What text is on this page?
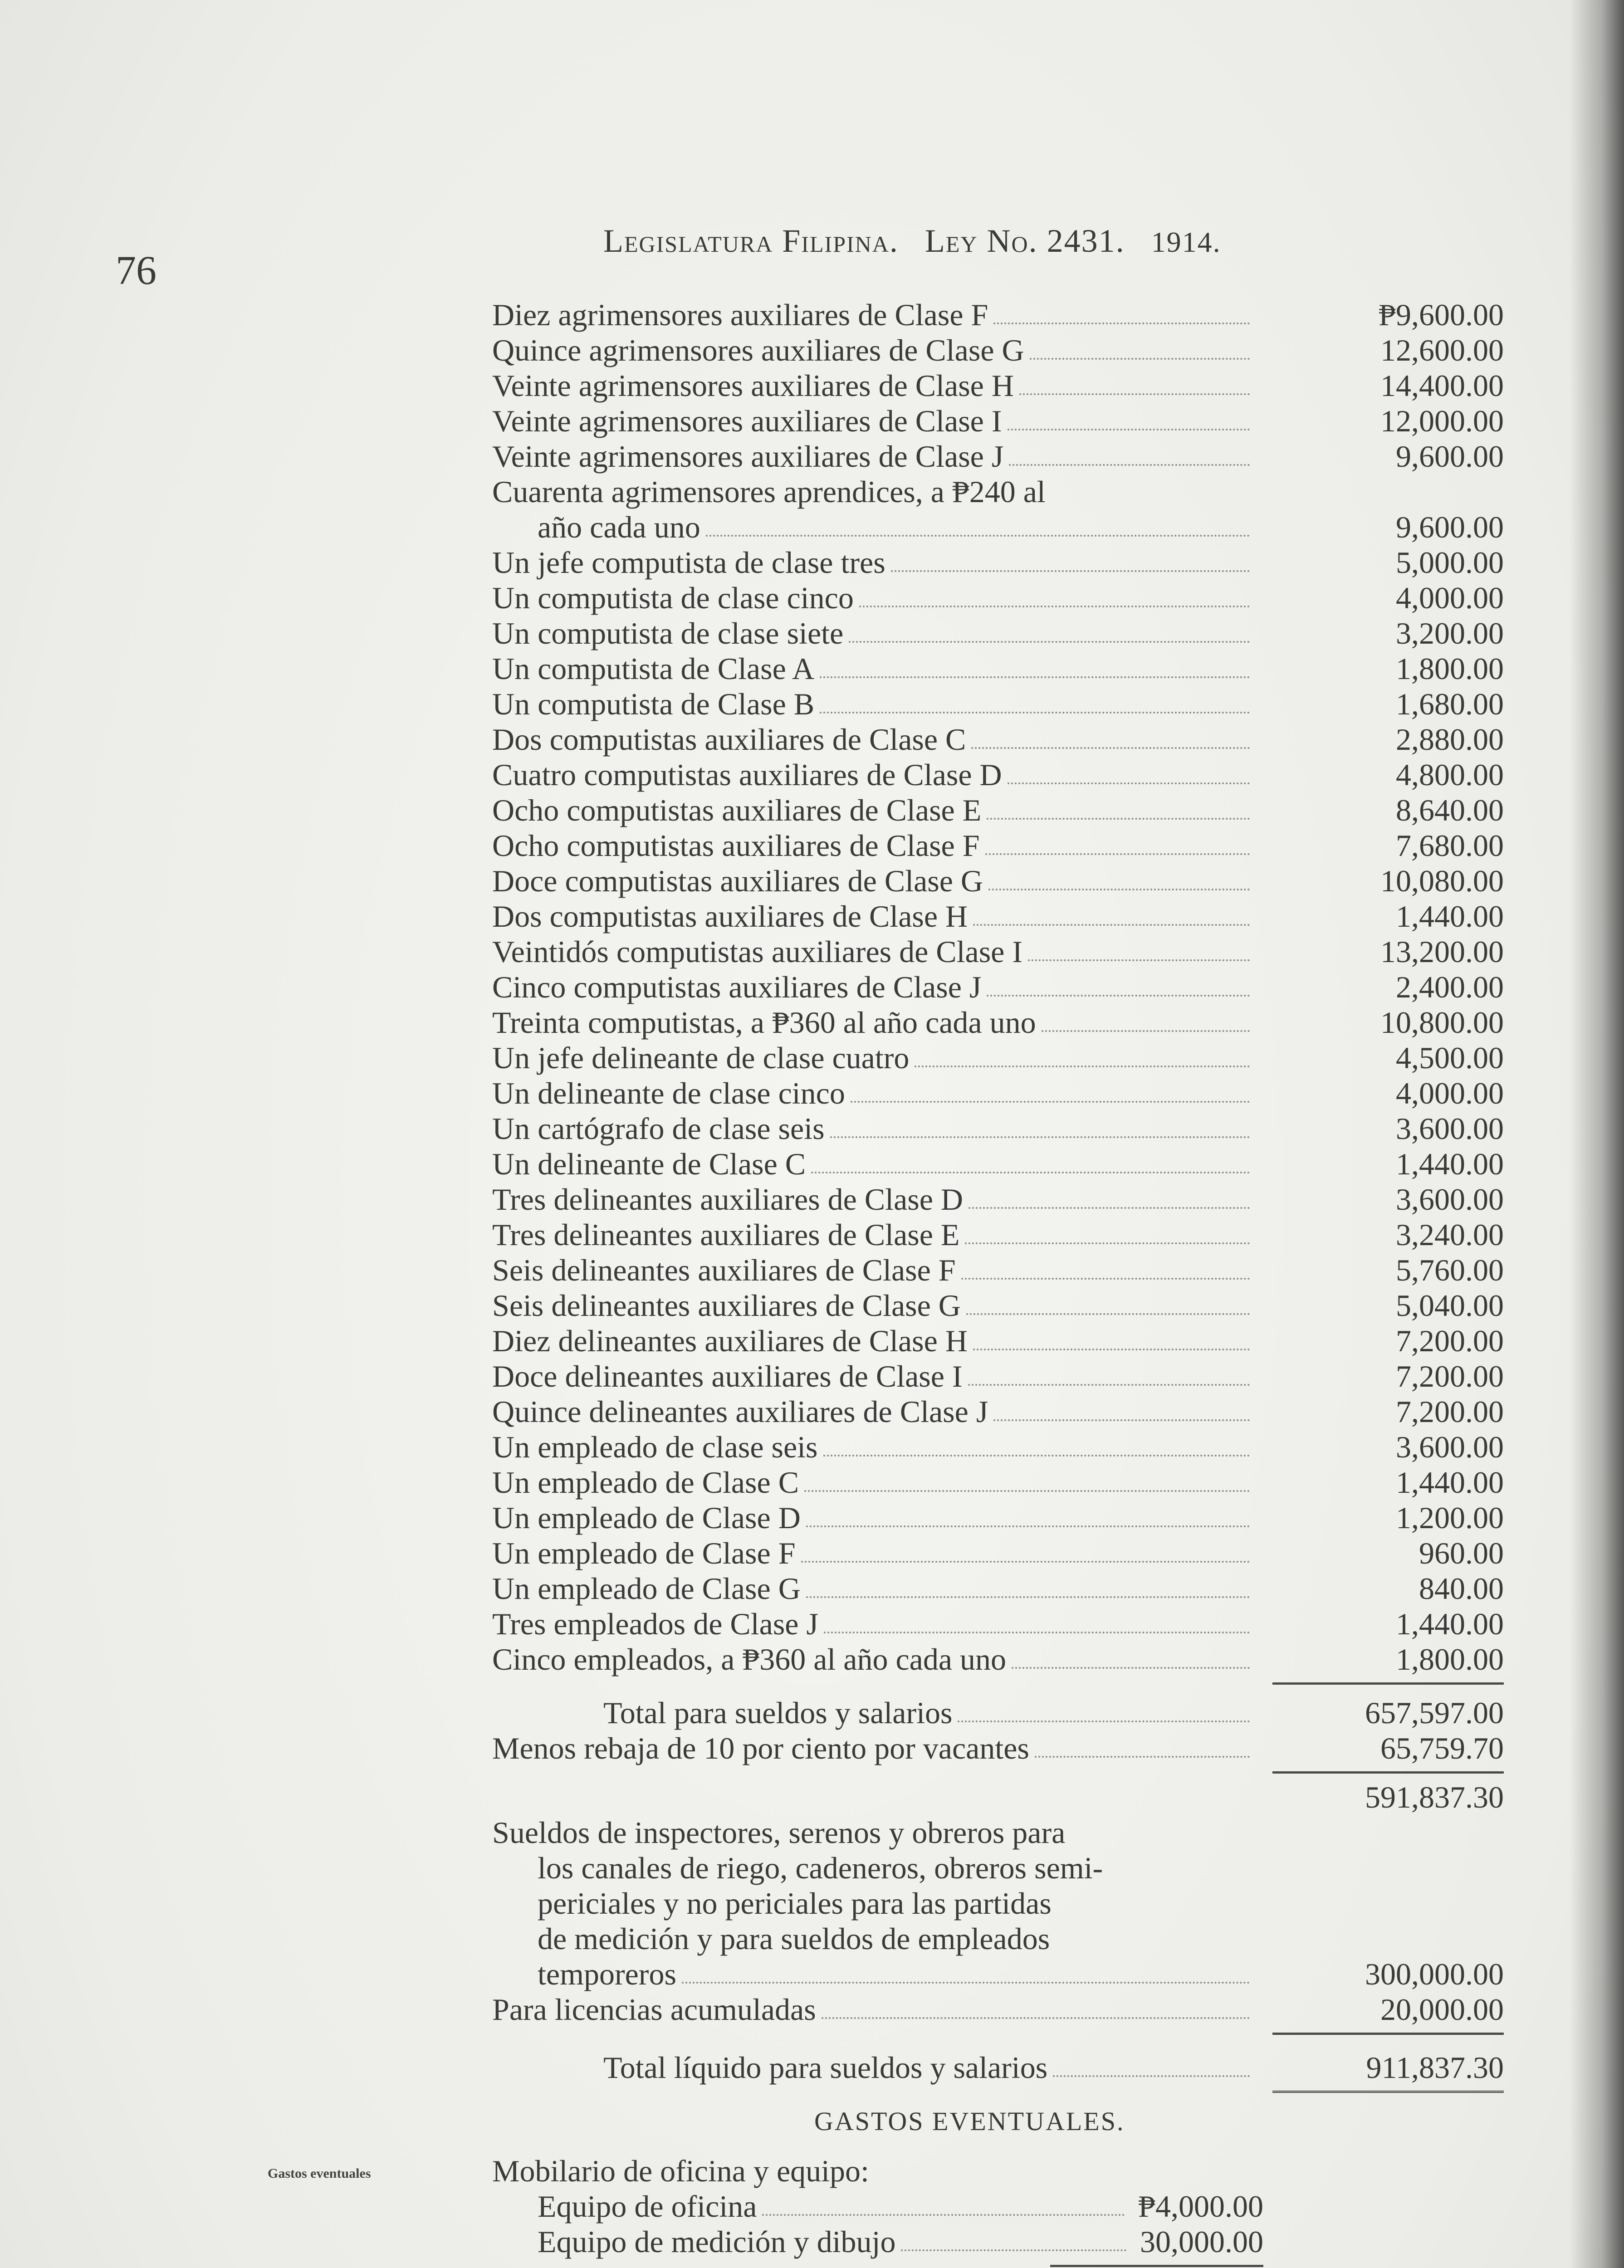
76
Legislatura Filipina. Ley No. 2431. 1914.
Gastos eventuales
Diez agrimensores auxiliares de Clase F	₱9,600.00
Quince agrimensores auxiliares de Clase G	12,600.00
Veinte agrimensores auxiliares de Clase H	14,400.00
Veinte agrimensores auxiliares de Clase I	12,000.00
Veinte agrimensores auxiliares de Clase J	9,600.00
Cuarenta agrimensores aprendices, a ₱240 al
año cada uno	9,600.00
Un jefe computista de clase tres	5,000.00
Un computista de clase cinco	4,000.00
Un computista de clase siete	3,200.00
Un computista de Clase A	1,800.00
Un computista de Clase B	1,680.00
Dos computistas auxiliares de Clase C	2,880.00
Cuatro computistas auxiliares de Clase D	4,800.00
Ocho computistas auxiliares de Clase E	8,640.00
Ocho computistas auxiliares de Clase F	7,680.00
Doce computistas auxiliares de Clase G	10,080.00
Dos computistas auxiliares de Clase H	1,440.00
Veintidós computistas auxiliares de Clase I	13,200.00
Cinco computistas auxiliares de Clase J	2,400.00
Treinta computistas, a ₱360 al año cada uno	10,800.00
Un jefe delineante de clase cuatro	4,500.00
Un delineante de clase cinco	4,000.00
Un cartógrafo de clase seis	3,600.00
Un delineante de Clase C	1,440.00
Tres delineantes auxiliares de Clase D	3,600.00
Tres delineantes auxiliares de Clase E	3,240.00
Seis delineantes auxiliares de Clase F	5,760.00
Seis delineantes auxiliares de Clase G	5,040.00
Diez delineantes auxiliares de Clase H	7,200.00
Doce delineantes auxiliares de Clase I	7,200.00
Quince delineantes auxiliares de Clase J	7,200.00
Un empleado de clase seis	3,600.00
Un empleado de Clase C	1,440.00
Un empleado de Clase D	1,200.00
Un empleado de Clase F	960.00
Un empleado de Clase G	840.00
Tres empleados de Clase J	1,440.00
Cinco empleados, a ₱360 al año cada uno	1,800.00
Total para sueldos y salarios	657,597.00
Menos rebaja de 10 por ciento por vacantes	65,759.70
591,837.30
Sueldos de inspectores, serenos y obreros para
los canales de riego, cadeneros, obreros semi-
periciales y no periciales para las partidas
de medición y para sueldos de empleados
temporeros	300,000.00
Para licencias acumuladas	20,000.00
Total líquido para sueldos y salarios	911,837.30
GASTOS EVENTUALES.
Mobilario de oficina y equipo:
Equipo de oficina	₱4,000.00
Equipo de medición y dibujo	30,000.00
